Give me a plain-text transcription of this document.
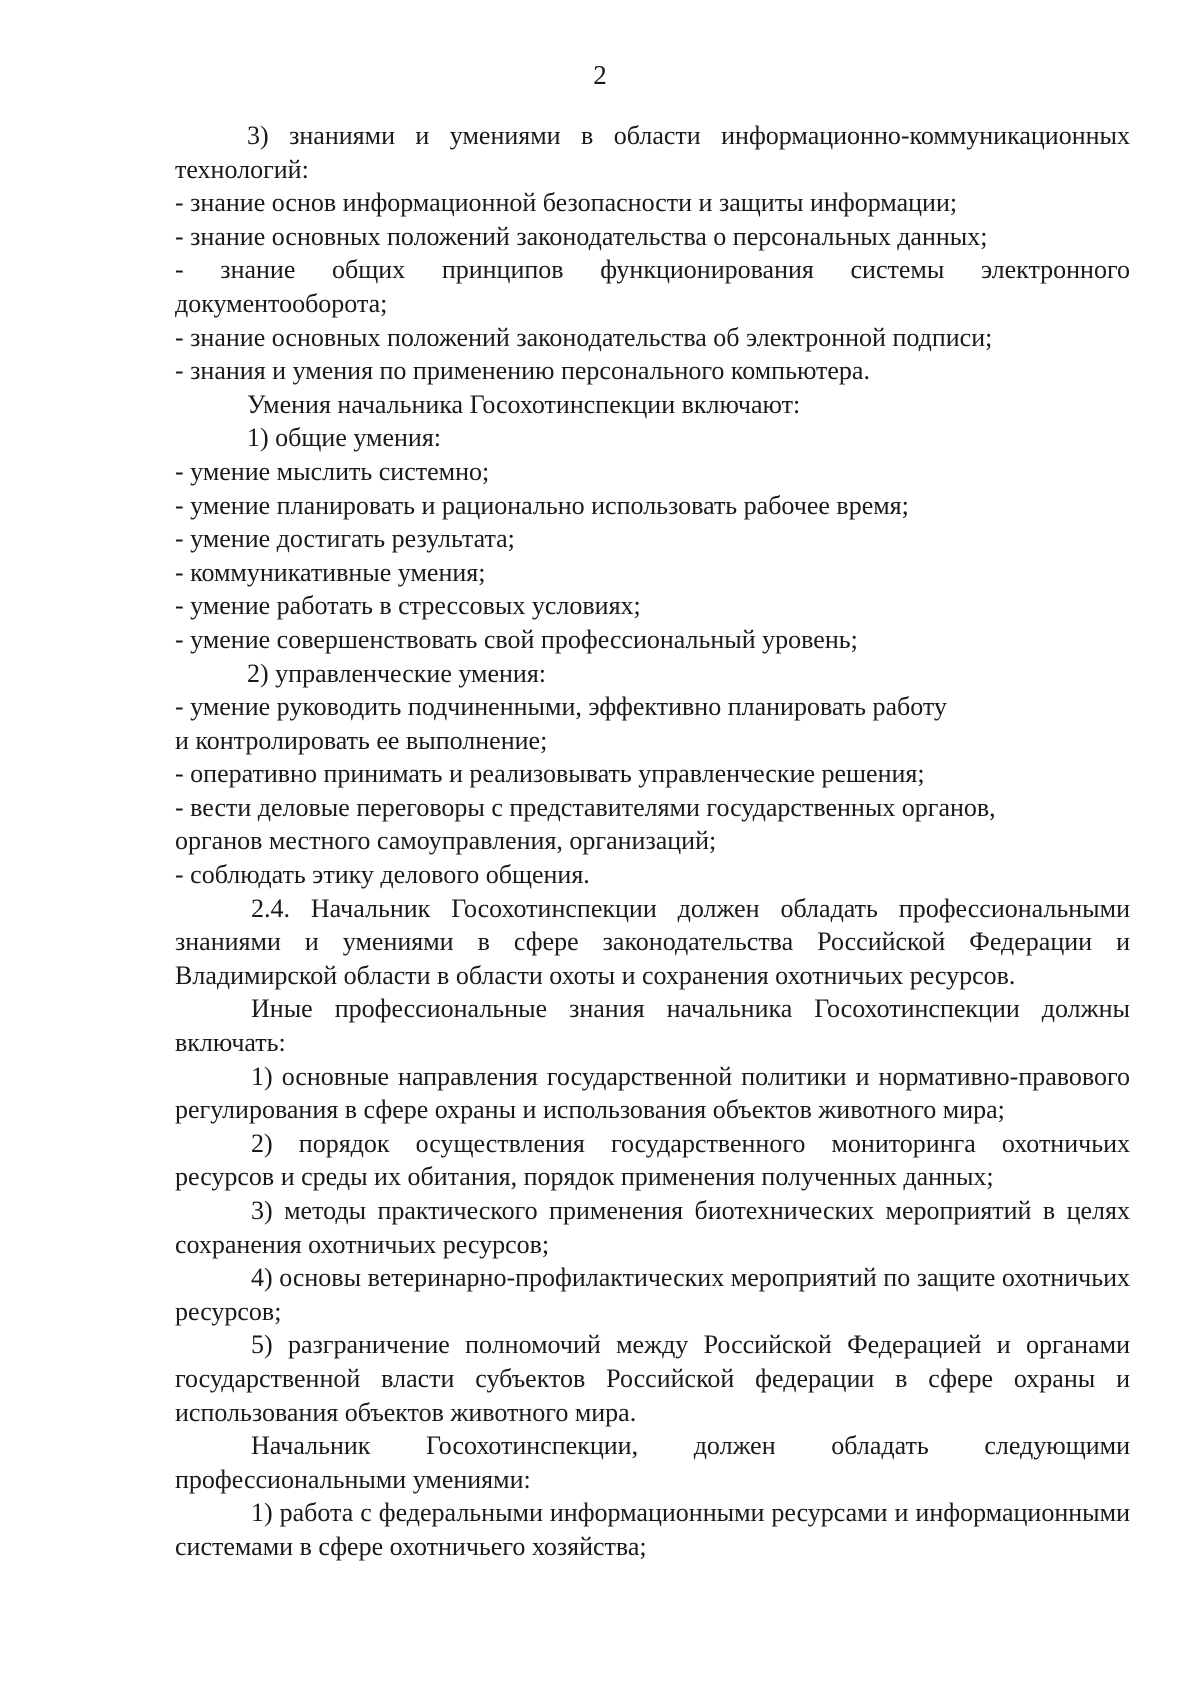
2

3) знаниями и умениями в области информационно-коммуникационных технологий:

- знание основ информационной безопасности и защиты информации;

- знание основных положений законодательства о персональных данных;

- знание общих принципов функционирования системы электронного документооборота;

- знание основных положений законодательства об электронной подписи;

- знания и умения по применению персонального компьютера.

Умения начальника Госохотинспекции включают:

1) общие умения:

- умение мыслить системно;

- умение планировать и рационально использовать рабочее время;

- умение достигать результата;

- коммуникативные умения;

- умение работать в стрессовых условиях;

- умение совершенствовать свой профессиональный уровень;

2) управленческие умения:

- умение руководить подчиненными, эффективно планировать работу

и контролировать ее выполнение;

- оперативно принимать и реализовывать управленческие решения;

- вести деловые переговоры с представителями государственных органов,

органов местного самоуправления, организаций;

- соблюдать этику делового общения.

2.4. Начальник Госохотинспекции должен обладать профессиональными знаниями и умениями в сфере законодательства Российской Федерации и Владимирской области в области охоты и сохранения охотничьих ресурсов.

Иные профессиональные знания начальника Госохотинспекции должны включать:

1) основные направления государственной политики и нормативно-правового регулирования в сфере охраны и использования объектов животного мира;

2) порядок осуществления государственного мониторинга охотничьих ресурсов и среды их обитания, порядок применения полученных данных;

3) методы практического применения биотехнических мероприятий в целях сохранения охотничьих ресурсов;

4) основы ветеринарно-профилактических мероприятий по защите охотничьих ресурсов;

5) разграничение полномочий между Российской Федерацией и органами государственной власти субъектов Российской федерации в сфере охраны и использования объектов животного мира.

Начальник Госохотинспекции, должен обладать следующими профессиональными умениями:

1) работа с федеральными информационными ресурсами и информационными системами в сфере охотничьего хозяйства;
